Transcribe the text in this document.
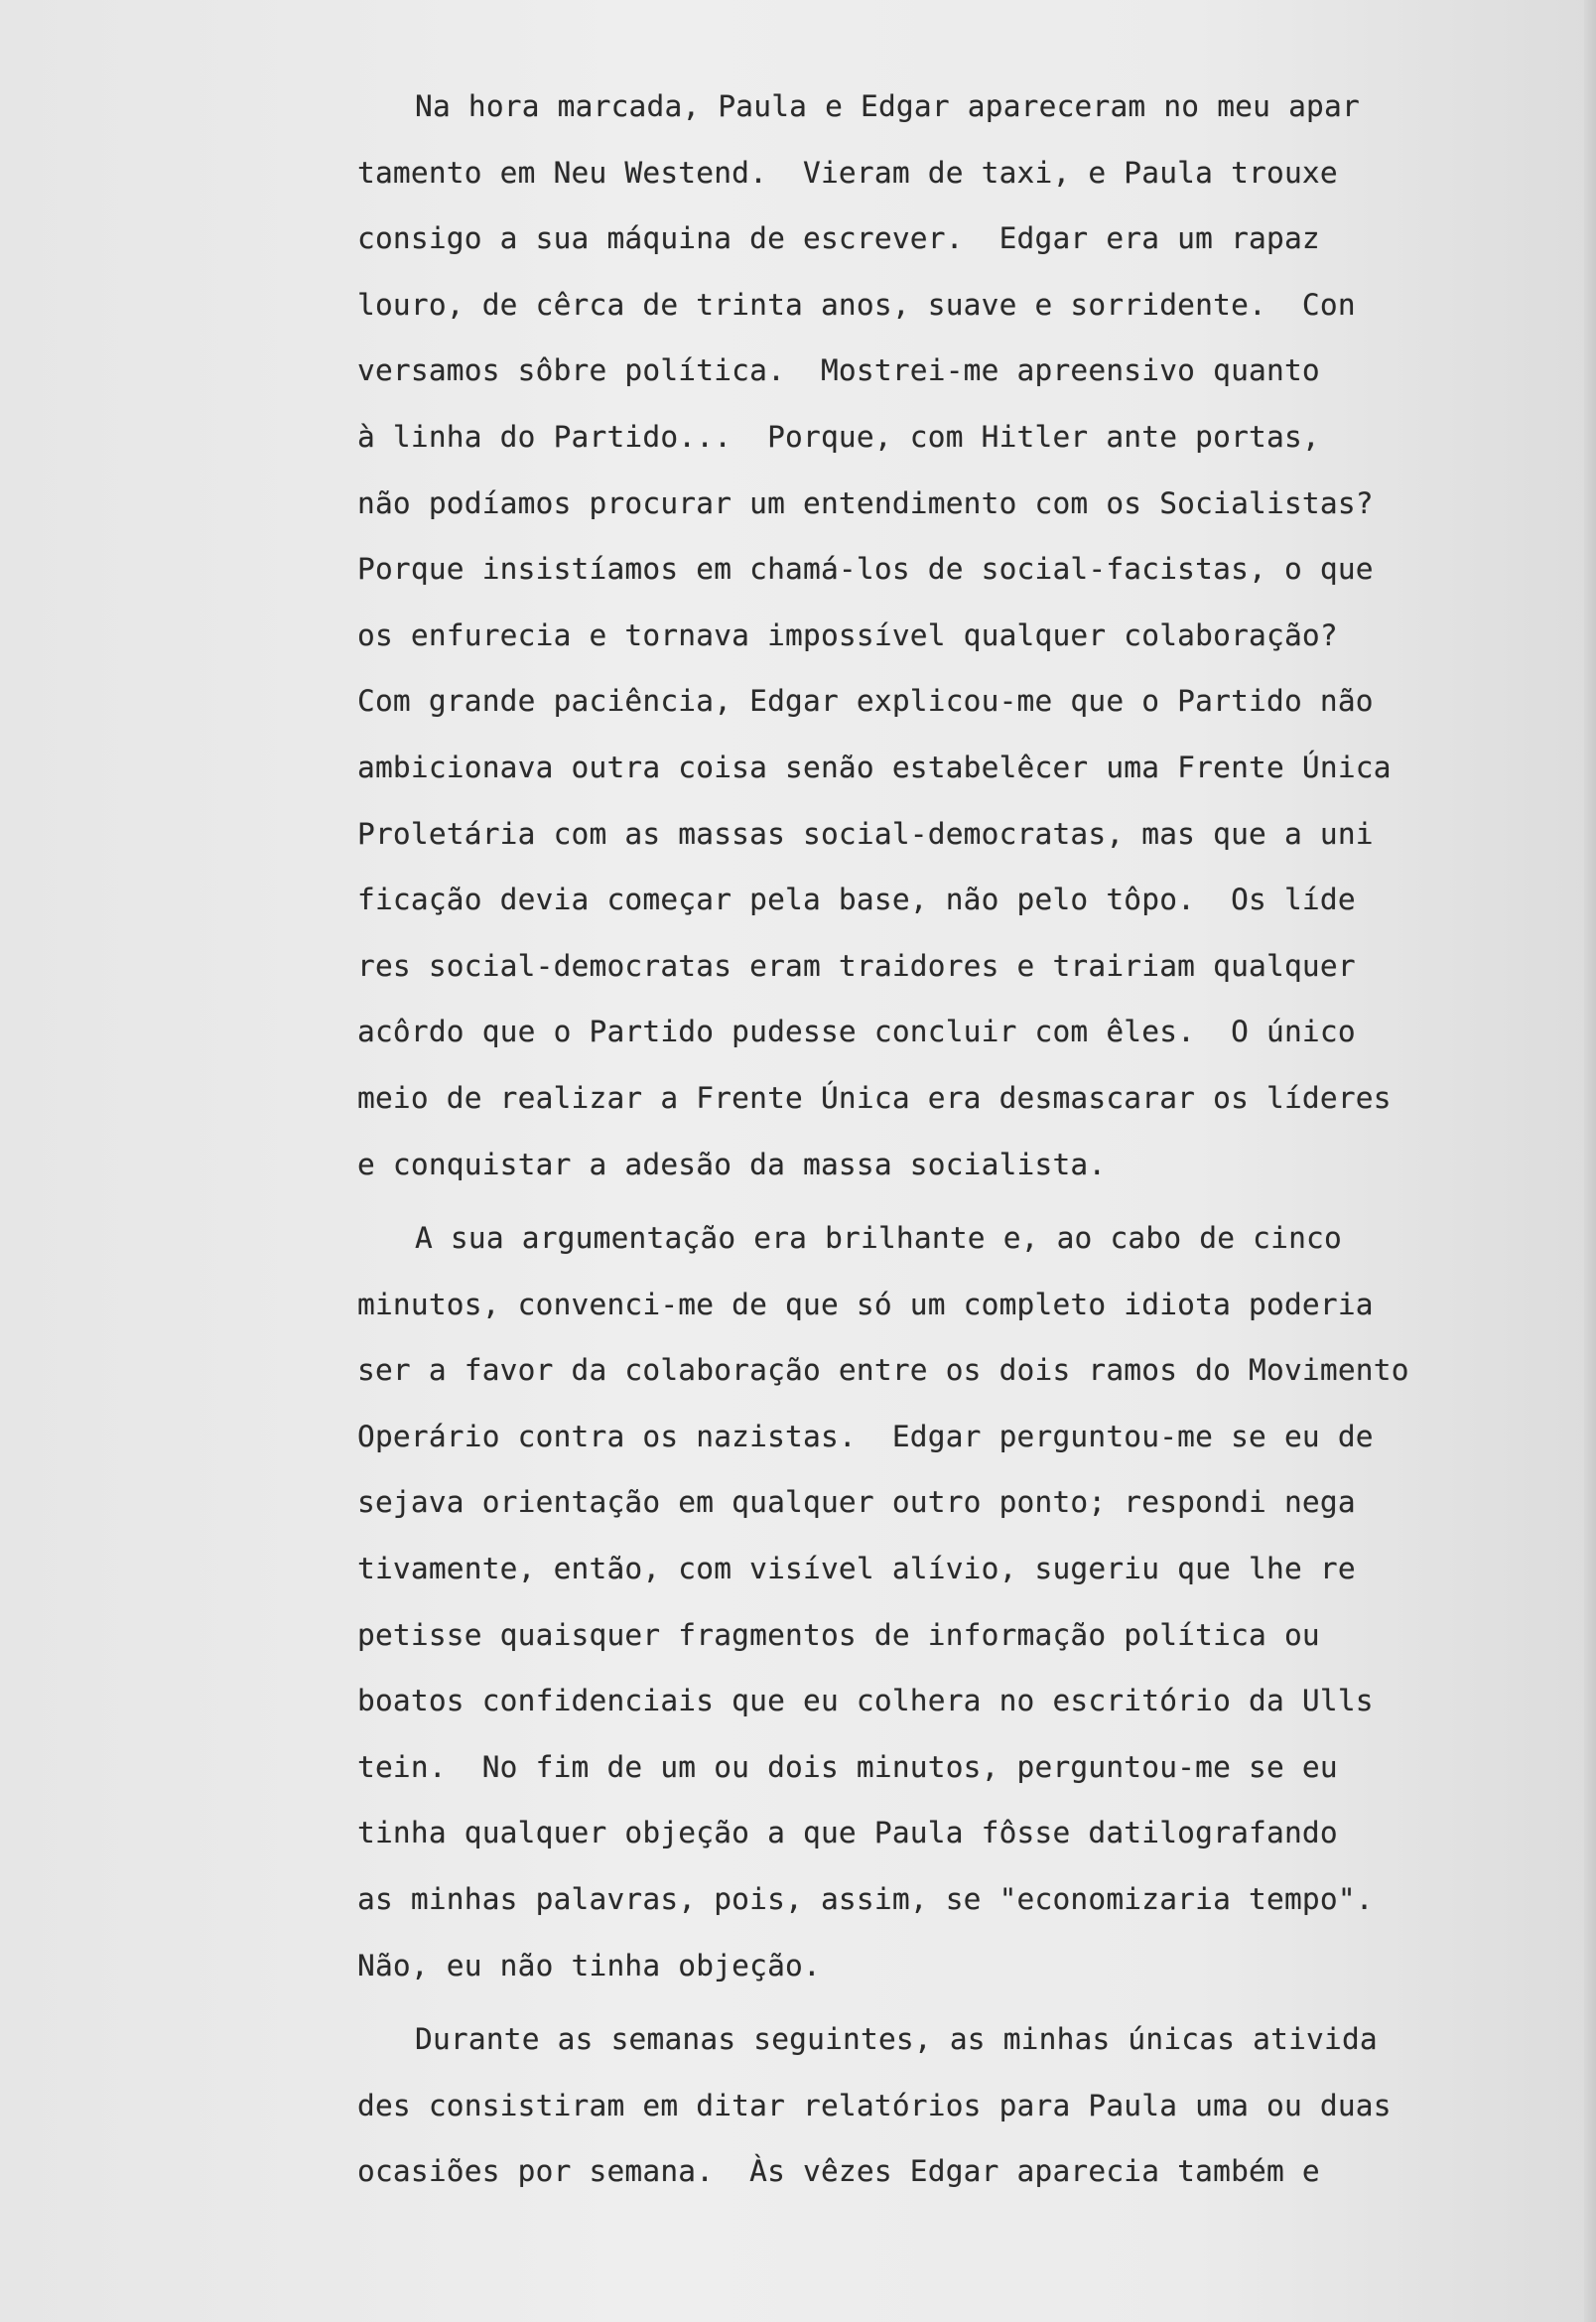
Na hora marcada, Paula e Edgar apareceram no meu apar
tamento em Neu Westend.  Vieram de taxi, e Paula trouxe
consigo a sua máquina de escrever.  Edgar era um rapaz
louro, de cêrca de trinta anos, suave e sorridente.  Con
versamos sôbre política.  Mostrei-me apreensivo quanto
à linha do Partido...  Porque, com Hitler ante portas,
não podíamos procurar um entendimento com os Socialistas?
Porque insistíamos em chamá-los de social-facistas, o que
os enfurecia e tornava impossível qualquer colaboração?
Com grande paciência, Edgar explicou-me que o Partido não
ambicionava outra coisa senão estabelêcer uma Frente Única
Proletária com as massas social-democratas, mas que a uni
ficação devia começar pela base, não pelo tôpo.  Os líde
res social-democratas eram traidores e trairiam qualquer
acôrdo que o Partido pudesse concluir com êles.  O único
meio de realizar a Frente Única era desmascarar os líderes
e conquistar a adesão da massa socialista.
A sua argumentação era brilhante e, ao cabo de cinco
minutos, convenci-me de que só um completo idiota poderia
ser a favor da colaboração entre os dois ramos do Movimento
Operário contra os nazistas.  Edgar perguntou-me se eu de
sejava orientação em qualquer outro ponto; respondi nega
tivamente, então, com visível alívio, sugeriu que lhe re
petisse quaisquer fragmentos de informação política ou
boatos confidenciais que eu colhera no escritório da Ulls
tein.  No fim de um ou dois minutos, perguntou-me se eu
tinha qualquer objeção a que Paula fôsse datilografando
as minhas palavras, pois, assim, se "economizaria tempo".
Não, eu não tinha objeção.
Durante as semanas seguintes, as minhas únicas ativida
des consistiram em ditar relatórios para Paula uma ou duas
ocasiões por semana.  Às vêzes Edgar aparecia também e
